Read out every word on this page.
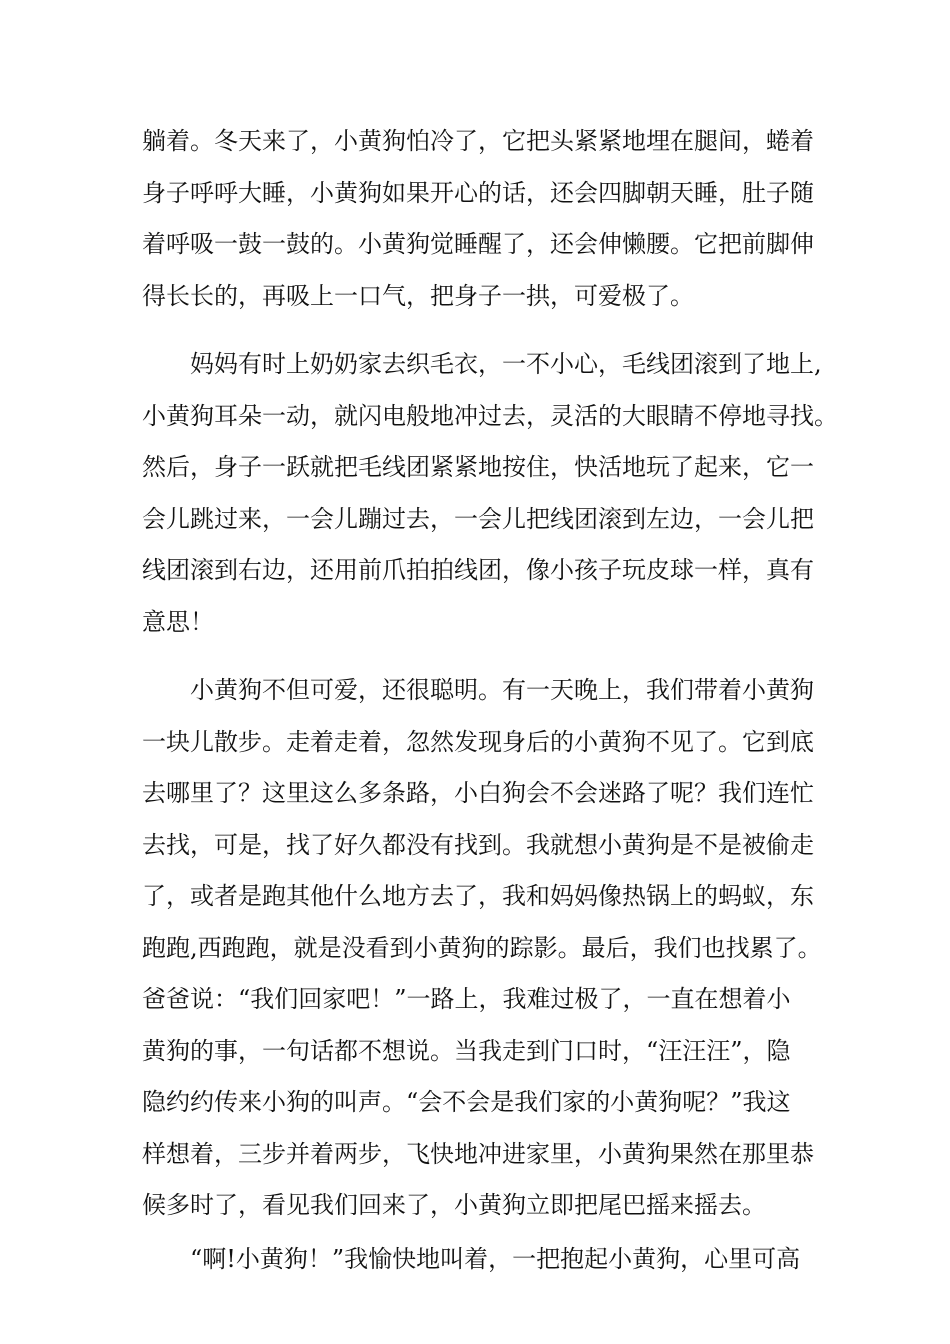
躺着。冬天来了，小黄狗怕冷了，它把头紧紧地埋在腿间，蜷着
身子呼呼大睡，小黄狗如果开心的话，还会四脚朝天睡，肚子随
着呼吸一鼓一鼓的。小黄狗觉睡醒了，还会伸懒腰。它把前脚伸
得长长的，再吸上一口气，把身子一拱，可爱极了。
　　妈妈有时上奶奶家去织毛衣，一不小心，毛线团滚到了地上,
小黄狗耳朵一动，就闪电般地冲过去，灵活的大眼睛不停地寻找。
然后，身子一跃就把毛线团紧紧地按住，快活地玩了起来，它一
会儿跳过来，一会儿蹦过去，一会儿把线团滚到左边，一会儿把
线团滚到右边，还用前爪拍拍线团，像小孩子玩皮球一样，真有
意思！
　　小黄狗不但可爱，还很聪明。有一天晚上，我们带着小黄狗
一块儿散步。走着走着，忽然发现身后的小黄狗不见了。它到底
去哪里了？这里这么多条路，小白狗会不会迷路了呢？我们连忙
去找，可是，找了好久都没有找到。我就想小黄狗是不是被偷走
了，或者是跑其他什么地方去了，我和妈妈像热锅上的蚂蚁，东
跑跑,西跑跑，就是没看到小黄狗的踪影。最后，我们也找累了。
爸爸说：“我们回家吧！”一路上，我难过极了，一直在想着小
黄狗的事，一句话都不想说。当我走到门口时，“汪汪汪”，隐
隐约约传来小狗的叫声。“会不会是我们家的小黄狗呢？”我这
样想着，三步并着两步，飞快地冲进家里，小黄狗果然在那里恭
候多时了，看见我们回来了，小黄狗立即把尾巴摇来摇去。
　　“啊!小黄狗！”我愉快地叫着，一把抱起小黄狗，心里可高
